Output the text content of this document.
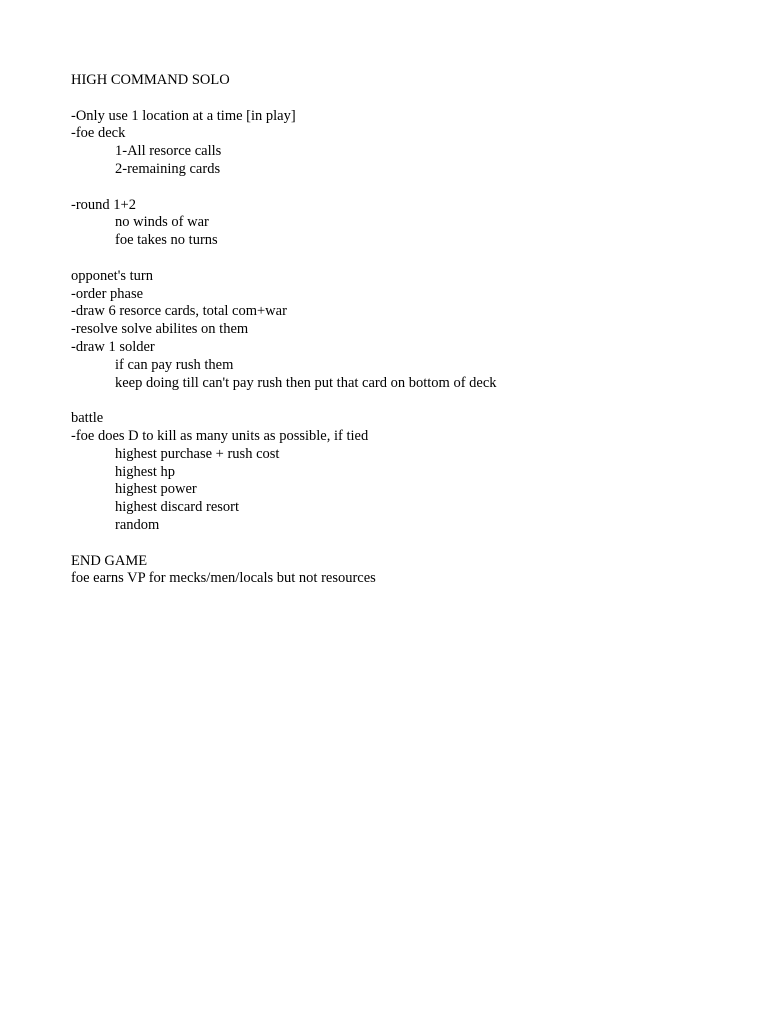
HIGH COMMAND SOLO
-Only use 1 location at a time [in play]
-foe deck
1-All resorce calls
2-remaining cards
-round 1+2
no winds of war
foe takes no turns
opponet's turn
-order phase
-draw 6 resorce cards, total com+war
-resolve solve abilites on them
-draw 1 solder
if can pay rush them
keep doing till can't pay rush then put that card on bottom of deck
battle
-foe does D to kill as many units as possible, if tied
highest purchase + rush cost
highest hp
highest power
highest discard resort
random
END GAME
foe earns VP for mecks/men/locals but not resources
